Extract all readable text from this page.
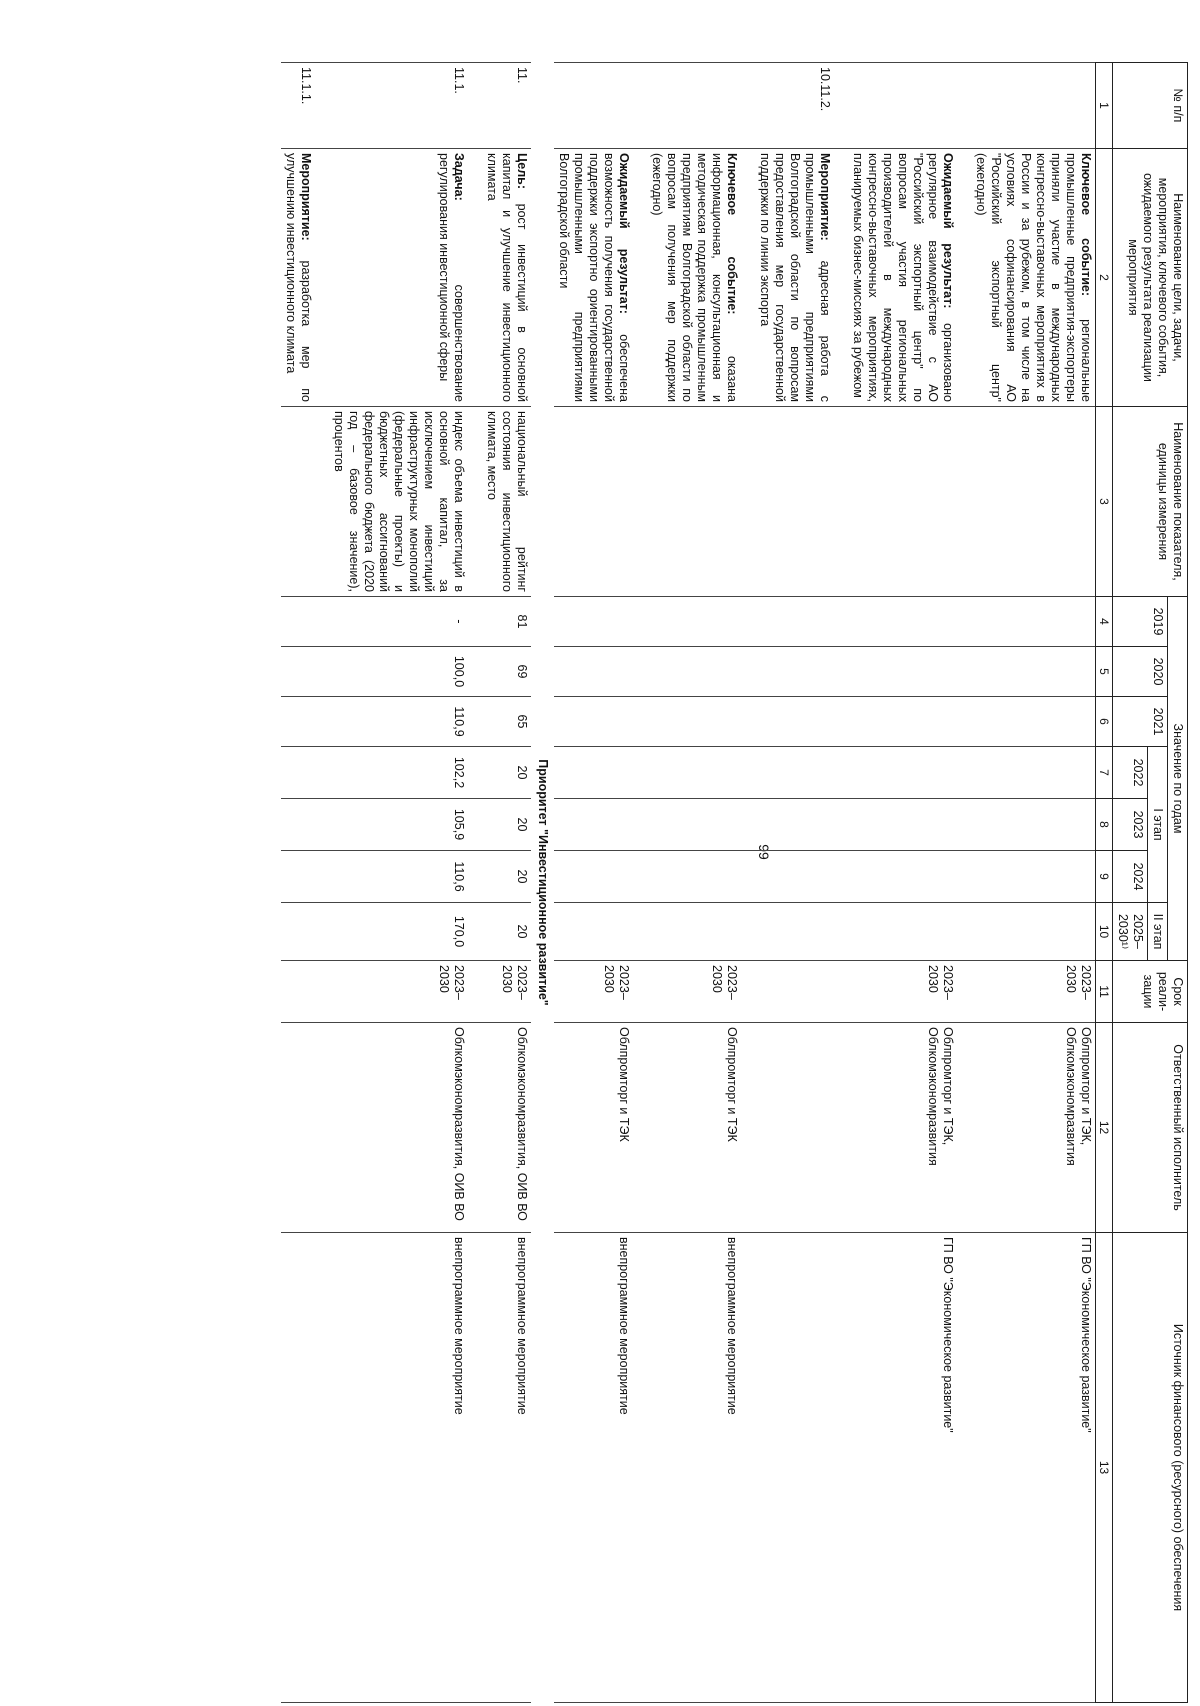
99
№ п/п	Наименование цели, задачи, мероприятия, ключевого события, ожидаемого результата реализации мероприятия	Наименование показателя, единицы измерения	Значение по годам							Срок реали-зации	Ответственный исполнитель	Источник финансового (ресурсного) обеспечения
			2019	2020	2021	I этап			II этап			
						2022	2023	2024	2025–2030¹⁾			
1	2	3	4	5	6	7	8	9	10	11	12	13
	Ключевое событие: региональные промышленные предприятия-экспортеры приняли участие в международных конгрессно-выставочных мероприятиях в России и за рубежом, в том числе на условиях софинансирования АО "Российский экспортный центр" (ежегодно)									2023–2030	Облпромторг и ТЭК, Облкомэкономразвития	ГП ВО "Экономическое развитие"

	Ожидаемый результат: организовано регулярное взаимодействие с АО "Российский экспортный центр" по вопросам участия региональных производителей в международных конгрессно-выставочных мероприятиях, планируемых бизнес-миссиях за рубежом									2023–2030	Облпромторг и ТЭК, Облкомэкономразвития	ГП ВО "Экономическое развитие"

10.11.2.	Мероприятие: адресная работа с промышленными предприятиями Волгоградской области по вопросам предоставления мер государственной поддержки по линии экспорта											

	Ключевое событие: оказана информационная, консультационная и методическая поддержка промышленным предприятиям Волгоградской области по вопросам получения мер поддержки (ежегодно)									2023–2030	Облпромторг и ТЭК	внепрограммное мероприятие

	Ожидаемый результат: обеспечена возможность получения государственной поддержки экспортно ориентированными промышленными предприятиями Волгоградской области									2023–2030	Облпромторг и ТЭК	внепрограммное мероприятие
Приоритет "Инвестиционное развитие"												
11.	Цель: рост инвестиций в основной капитал и улучшение инвестиционного климата	национальный рейтинг состояния инвестиционного климата, место	81	69	65	20	20	20	20	2023–2030	Облкомэкономразвития, ОИВ ВО	внепрограммное мероприятие

11.1.	Задача: совершенствование регулирования инвестиционной сферы	индекс объема инвестиций в основной капитал, за исключением инвестиций инфраструктурных монополий (федеральные проекты) и бюджетных ассигнований федерального бюджета (2020 год – базовое значение), процентов	-	100,0	110,9	102,2	105,9	110,6	170,0	2023–2030	Облкомэкономразвития, ОИВ ВО	внепрограммное мероприятие

11.1.1.	Мероприятие: разработка мер по улучшению инвестиционного климата											
